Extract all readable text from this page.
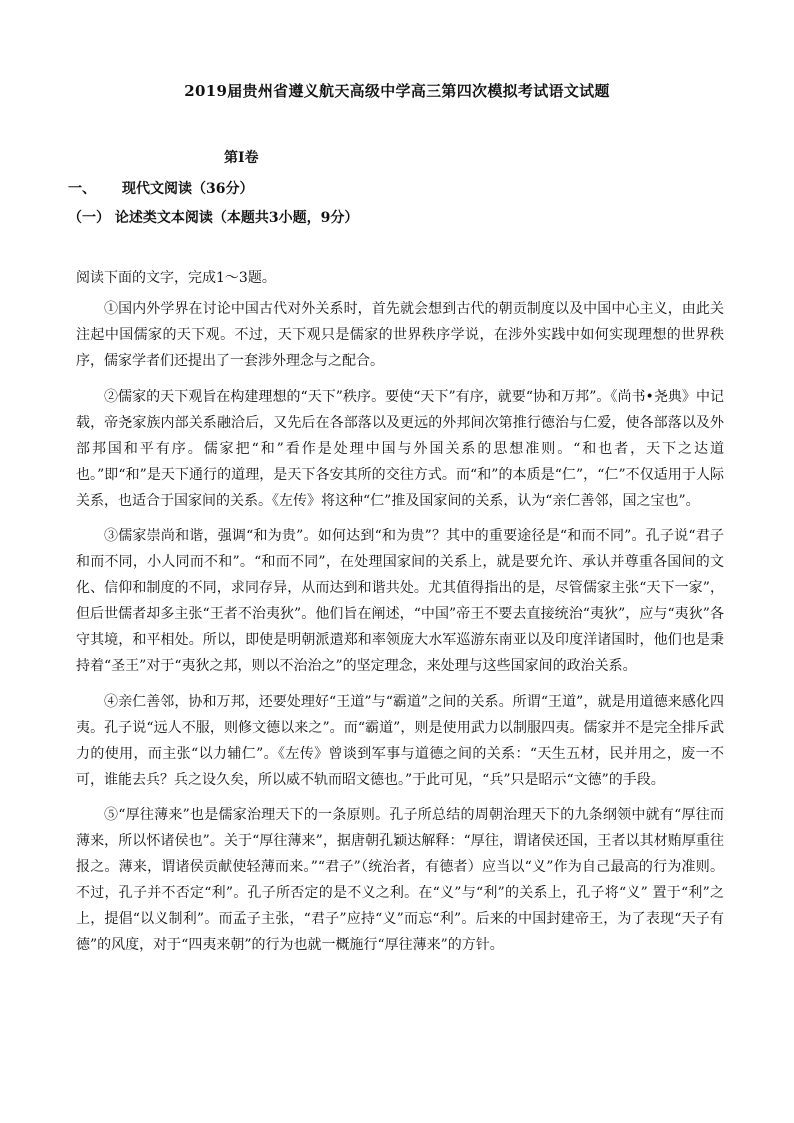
2019届贵州省遵义航天高级中学高三第四次模拟考试语文试题
第Ⅰ卷
一、 现代文阅读（36分）
（一） 论述类文本阅读（本题共3小题，9分）
阅读下面的文字，完成1～3题。

①国内外学界在讨论中国古代对外关系时，首先就会想到古代的朝贡制度以及中国中心主义，由此关注起中国儒家的天下观。不过，天下观只是儒家的世界秩序学说，在涉外实践中如何实现理想的世界秩序，儒家学者们还提出了一套涉外理念与之配合。

②儒家的天下观旨在构建理想的“天下”秩序。要使“天下”有序，就要“协和万邦”。《尚书•尧典》中记载，帝尧家族内部关系融洽后，又先后在各部落以及更远的外邦间次第推行德治与仁爱，使各部落以及外部邦国和平有序。儒家把“和”看作是处理中国与外国关系的思想准则。“和也者，天下之达道也。”即“和”是天下通行的道理，是天下各安其所的交往方式。而“和”的本质是“仁”，“仁”不仅适用于人际关系，也适合于国家间的关系。《左传》将这种“仁”推及国家间的关系，认为“亲仁善邻，国之宝也”。

③儒家崇尚和谐，强调“和为贵”。如何达到“和为贵”？其中的重要途径是“和而不同”。孔子说“君子和而不同，小人同而不和”。“和而不同”，在处理国家间的关系上，就是要允许、承认并尊重各国间的文化、信仰和制度的不同，求同存异，从而达到和谐共处。尤其值得指出的是，尽管儒家主张“天下一家”，但后世儒者却多主张“王者不治夷狄”。他们旨在阐述，“中国”帝王不要去直接统治“夷狄”，应与“夷狄”各守其境，和平相处。所以，即使是明朝派遣郑和率领庞大水军巡游东南亚以及印度洋诸国时，他们也是秉持着“圣王”对于“夷狄之邦，则以不治治之”的坚定理念，来处理与这些国家间的政治关系。

④亲仁善邻，协和万邦，还要处理好“王道”与“霸道”之间的关系。所谓“王道”，就是用道德来感化四夷。孔子说“远人不服，则修文德以来之”。而“霸道”，则是使用武力以制服四夷。儒家并不是完全排斥武力的使用，而主张“以力辅仁”。《左传》曾谈到军事与道德之间的关系：“天生五材，民并用之，废一不可，谁能去兵？兵之设久矣，所以威不轨而昭文德也。”于此可见，“兵”只是昭示“文德”的手段。

⑤“厚往薄来”也是儒家治理天下的一条原则。孔子所总结的周朝治理天下的九条纲领中就有“厚往而薄来，所以怀诸侯也”。关于“厚往薄来”，据唐朝孔颖达解释：“厚往，谓诸侯还国，王者以其材贿厚重往报之。薄来，谓诸侯贡献使轻薄而来。”“君子”（统治者，有德者）应当以“义”作为自己最高的行为准则。不过，孔子并不否定“利”。孔子所否定的是不义之利。在“义”与“利”的关系上，孔子将“义” 置于“利”之上，提倡“以义制利”。而孟子主张，“君子”应持“义”而忘“利”。后来的中国封建帝王，为了表现“天子有德”的风度，对于“四夷来朝”的行为也就一概施行“厚往薄来”的方针。
